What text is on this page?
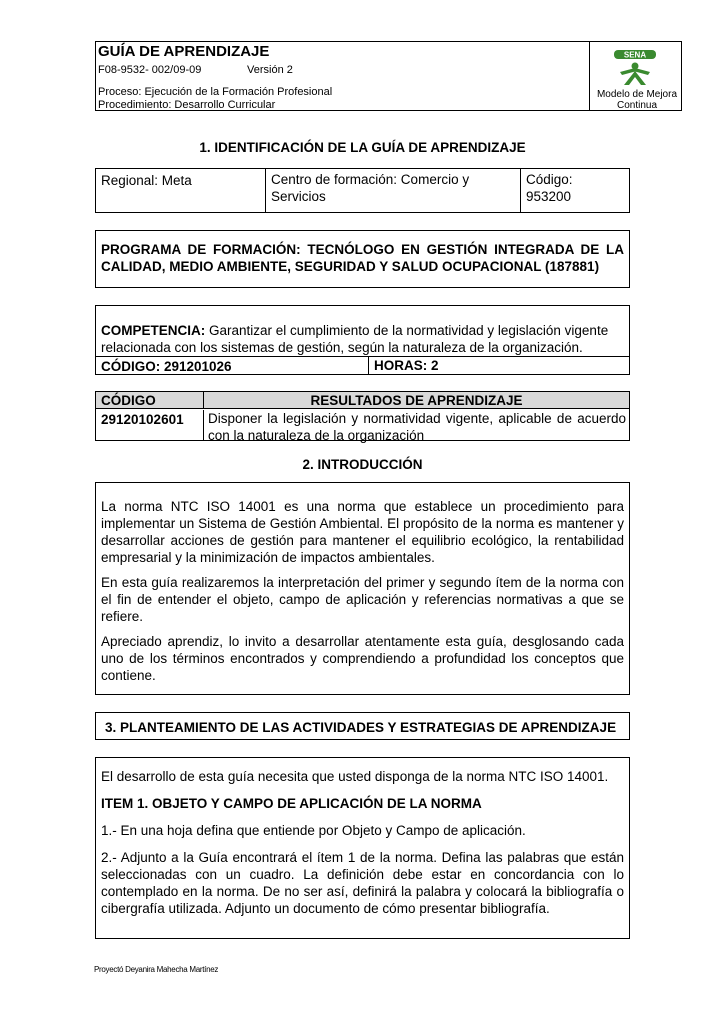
GUÍA DE APRENDIZAJE
F08-9532- 002/09-09	Versión 2
Proceso: Ejecución de la Formación Profesional
Procedimiento: Desarrollo Curricular
SENA
Modelo de Mejora
Continua
1. IDENTIFICACIÓN DE LA GUÍA DE APRENDIZAJE
Regional: Meta	Centro de formación: Comercio y Servicios
Código:
953200
PROGRAMA DE FORMACIÓN: TECNÓLOGO EN GESTIÓN INTEGRADA DE LA CALIDAD, MEDIO AMBIENTE, SEGURIDAD Y SALUD OCUPACIONAL (187881)
COMPETENCIA: Garantizar el cumplimiento de la normatividad y legislación vigente relacionada con los sistemas de gestión, según la naturaleza de la organización.
CÓDIGO: 291201026	HORAS: 2
CÓDIGO	RESULTADOS DE APRENDIZAJE
29120102601 Disponer la legislación y normatividad vigente, aplicable de acuerdo con la naturaleza de la organización
2. INTRODUCCIÓN
La norma NTC ISO 14001 es una norma que establece un procedimiento para implementar un Sistema de Gestión Ambiental. El propósito de la norma es mantener y desarrollar acciones de gestión para mantener el equilibrio ecológico, la rentabilidad empresarial y la minimización de impactos ambientales.
En esta guía realizaremos la interpretación del primer y segundo ítem de la norma con el fin de entender el objeto, campo de aplicación y referencias normativas a que se refiere.
Apreciado aprendiz, lo invito a desarrollar atentamente esta guía, desglosando cada uno de los términos encontrados y comprendiendo a profundidad los conceptos que contiene.
3. PLANTEAMIENTO DE LAS ACTIVIDADES Y ESTRATEGIAS DE APRENDIZAJE
El desarrollo de esta guía necesita que usted disponga de la norma NTC ISO 14001.
ITEM 1. OBJETO Y CAMPO DE APLICACIÓN DE LA NORMA
1.- En una hoja defina que entiende por Objeto y Campo de aplicación.
2.- Adjunto a la Guía encontrará el ítem 1 de la norma. Defina las palabras que están seleccionadas con un cuadro. La definición debe estar en concordancia con lo contemplado en la norma. De no ser así, definirá la palabra y colocará la bibliografía o cibergrafía utilizada. Adjunto un documento de cómo presentar bibliografía.
Proyectó Deyanira Mahecha Martínez
